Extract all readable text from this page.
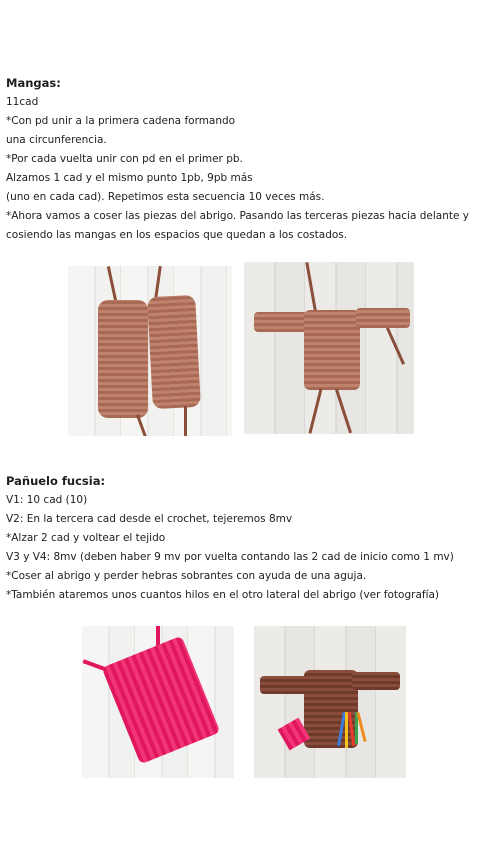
Mangas:
11cad
*Con pd unir a la primera cadena formando
una circunferencia.
*Por cada vuelta unir con pd en el primer pb.
Alzamos 1 cad y el mismo punto 1pb, 9pb más
(uno en cada cad). Repetimos esta secuencia 10 veces más.
*Ahora vamos a coser las piezas del abrigo. Pasando las terceras piezas hacia delante y
cosiendo las mangas en los espacios que quedan a los costados.
Pañuelo fucsia:
V1: 10 cad (10)
V2: En la tercera cad desde el crochet, tejeremos 8mv
*Alzar 2 cad y voltear el tejido
V3 y V4: 8mv (deben haber 9 mv por vuelta contando las 2 cad de inicio como 1 mv)
*Coser al abrigo y perder hebras sobrantes con ayuda de una aguja.
*También ataremos unos cuantos hilos en el otro lateral del abrigo (ver fotografía)
